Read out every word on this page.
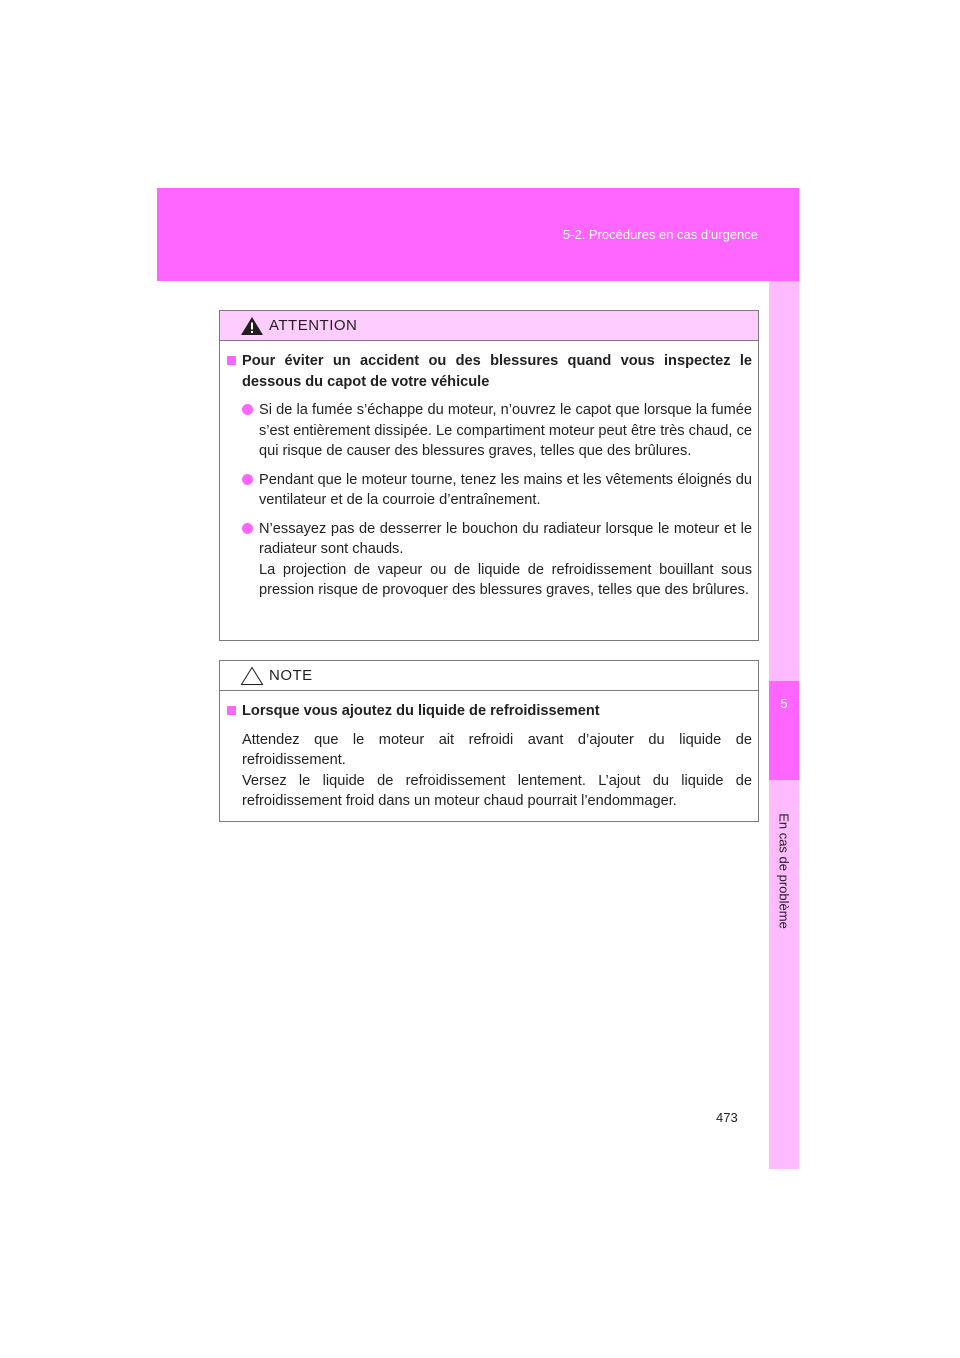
5-2. Procédures en cas d’urgence
5
En cas de problème
ATTENTION
Pour éviter un accident ou des blessures quand vous inspectez le dessous du capot de votre véhicule
Si de la fumée s’échappe du moteur, n’ouvrez le capot que lorsque la fumée s’est entièrement dissipée. Le compartiment moteur peut être très chaud, ce qui risque de causer des blessures graves, telles que des brûlures.
Pendant que le moteur tourne, tenez les mains et les vêtements éloignés du ventilateur et de la courroie d’entraînement.
N’essayez pas de desserrer le bouchon du radiateur lorsque le moteur et le radiateur sont chauds.
La projection de vapeur ou de liquide de refroidissement bouillant sous pression risque de provoquer des blessures graves, telles que des brûlures.
NOTE
Lorsque vous ajoutez du liquide de refroidissement
Attendez que le moteur ait refroidi avant d’ajouter du liquide de refroidissement.
Versez le liquide de refroidissement lentement. L’ajout du liquide de refroidissement froid dans un moteur chaud pourrait l’endommager.
473
